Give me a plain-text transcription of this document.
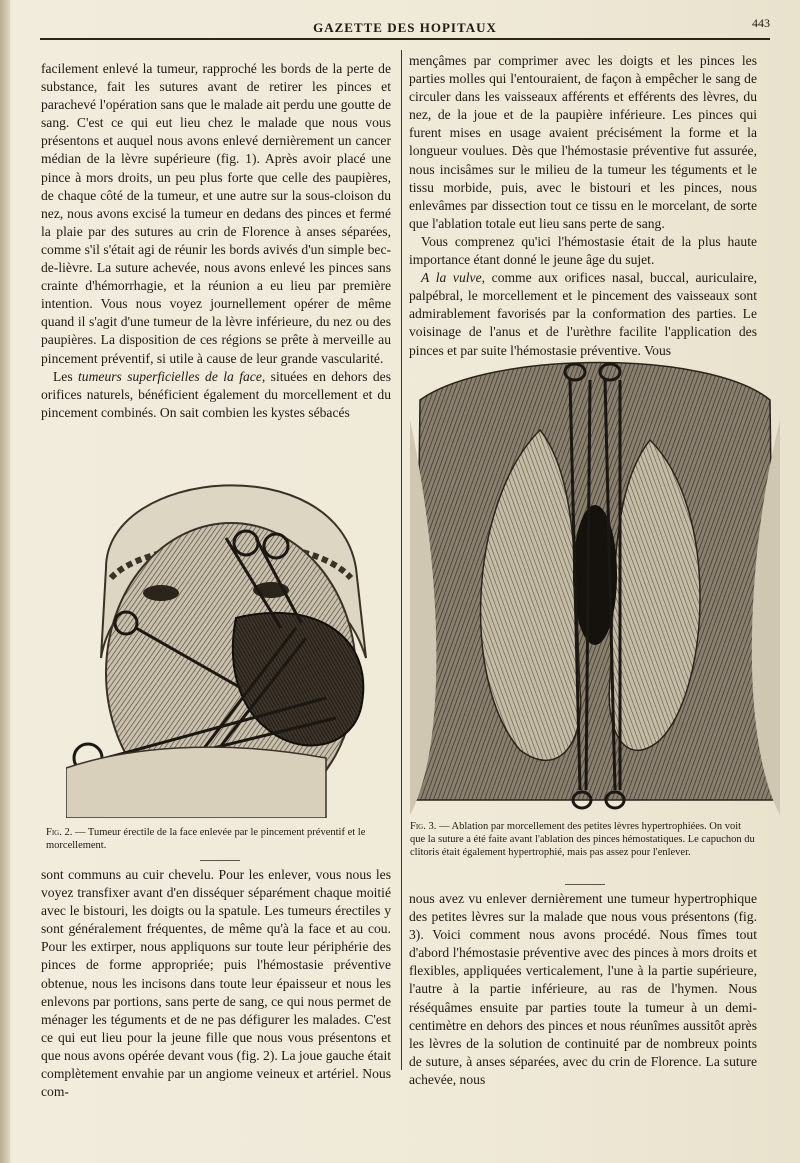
GAZETTE DES HOPITAUX	443

facilement enlevé la tumeur, rapproché les bords de la perte de substance, fait les sutures avant de retirer les pinces et parachevé l'opération sans que le malade ait perdu une goutte de sang. C'est ce qui eut lieu chez le malade que nous vous présentons et auquel nous avons enlevé dernièrement un cancer médian de la lèvre supérieure (fig. 1). Après avoir placé une pince à mors droits, un peu plus forte que celle des paupières, de chaque côté de la tumeur, et une autre sur la sous-cloison du nez, nous avons excisé la tumeur en dedans des pinces et fermé la plaie par des sutures au crin de Florence à anses séparées, comme s'il s'était agi de réunir les bords avivés d'un simple bec-de-lièvre. La suture achevée, nous avons enlevé les pinces sans crainte d'hémorrhagie, et la réunion a eu lieu par première intention. Vous nous voyez journellement opérer de même quand il s'agit d'une tumeur de la lèvre inférieure, du nez ou des paupières. La disposition de ces régions se prête à merveille au pincement préventif, si utile à cause de leur grande vascularité.

Les tumeurs superficielles de la face, situées en dehors des orifices naturels, bénéficient également du morcellement et du pincement combinés. On sait combien les kystes sébacés

Fig. 2. — Tumeur érectile de la face enlevée par le pincement préventif et le morcellement.

sont communs au cuir chevelu. Pour les enlever, vous nous les voyez transfixer avant d'en disséquer séparément chaque moitié avec le bistouri, les doigts ou la spatule. Les tumeurs érectiles y sont généralement fréquentes, de même qu'à la face et au cou. Pour les extirper, nous appliquons sur toute leur périphérie des pinces de forme appropriée; puis l'hémostasie préventive obtenue, nous les incisons dans toute leur épaisseur et nous les enlevons par portions, sans perte de sang, ce qui nous permet de ménager les téguments et de ne pas défigurer les malades. C'est ce qui eut lieu pour la jeune fille que nous vous présentons et que nous avons opérée devant vous (fig. 2). La joue gauche était complètement envahie par un angiome veineux et artériel. Nous com-

mençâmes par comprimer avec les doigts et les pinces les parties molles qui l'entouraient, de façon à empêcher le sang de circuler dans les vaisseaux afférents et efférents des lèvres, du nez, de la joue et de la paupière inférieure. Les pinces qui furent mises en usage avaient précisément la forme et la longueur voulues. Dès que l'hémostasie préventive fut assurée, nous incisâmes sur le milieu de la tumeur les téguments et le tissu morbide, puis, avec le bistouri et les pinces, nous enlevâmes par dissection tout ce tissu en le morcelant, de sorte que l'ablation totale eut lieu sans perte de sang.

Vous comprenez qu'ici l'hémostasie était de la plus haute importance étant donné le jeune âge du sujet.

A la vulve, comme aux orifices nasal, buccal, auriculaire, palpébral, le morcellement et le pincement des vaisseaux sont admirablement favorisés par la conformation des parties. Le voisinage de l'anus et de l'urèthre facilite l'application des pinces et par suite l'hémostasie préventive. Vous

Fig. 3. — Ablation par morcellement des petites lèvres hypertrophiées. On voit que la suture a été faite avant l'ablation des pinces hémostatiques. Le capuchon du clitoris était également hypertrophié, mais pas assez pour l'enlever.

nous avez vu enlever dernièrement une tumeur hypertrophique des petites lèvres sur la malade que nous vous présentons (fig. 3). Voici comment nous avons procédé. Nous fîmes tout d'abord l'hémostasie préventive avec des pinces à mors droits et flexibles, appliquées verticalement, l'une à la partie supérieure, l'autre à la partie inférieure, au ras de l'hymen. Nous réséquâmes ensuite par parties toute la tumeur à un demi-centimètre en dehors des pinces et nous réunîmes aussitôt après les lèvres de la solution de continuité par de nombreux points de suture, à anses séparées, avec du crin de Florence. La suture achevée, nous
